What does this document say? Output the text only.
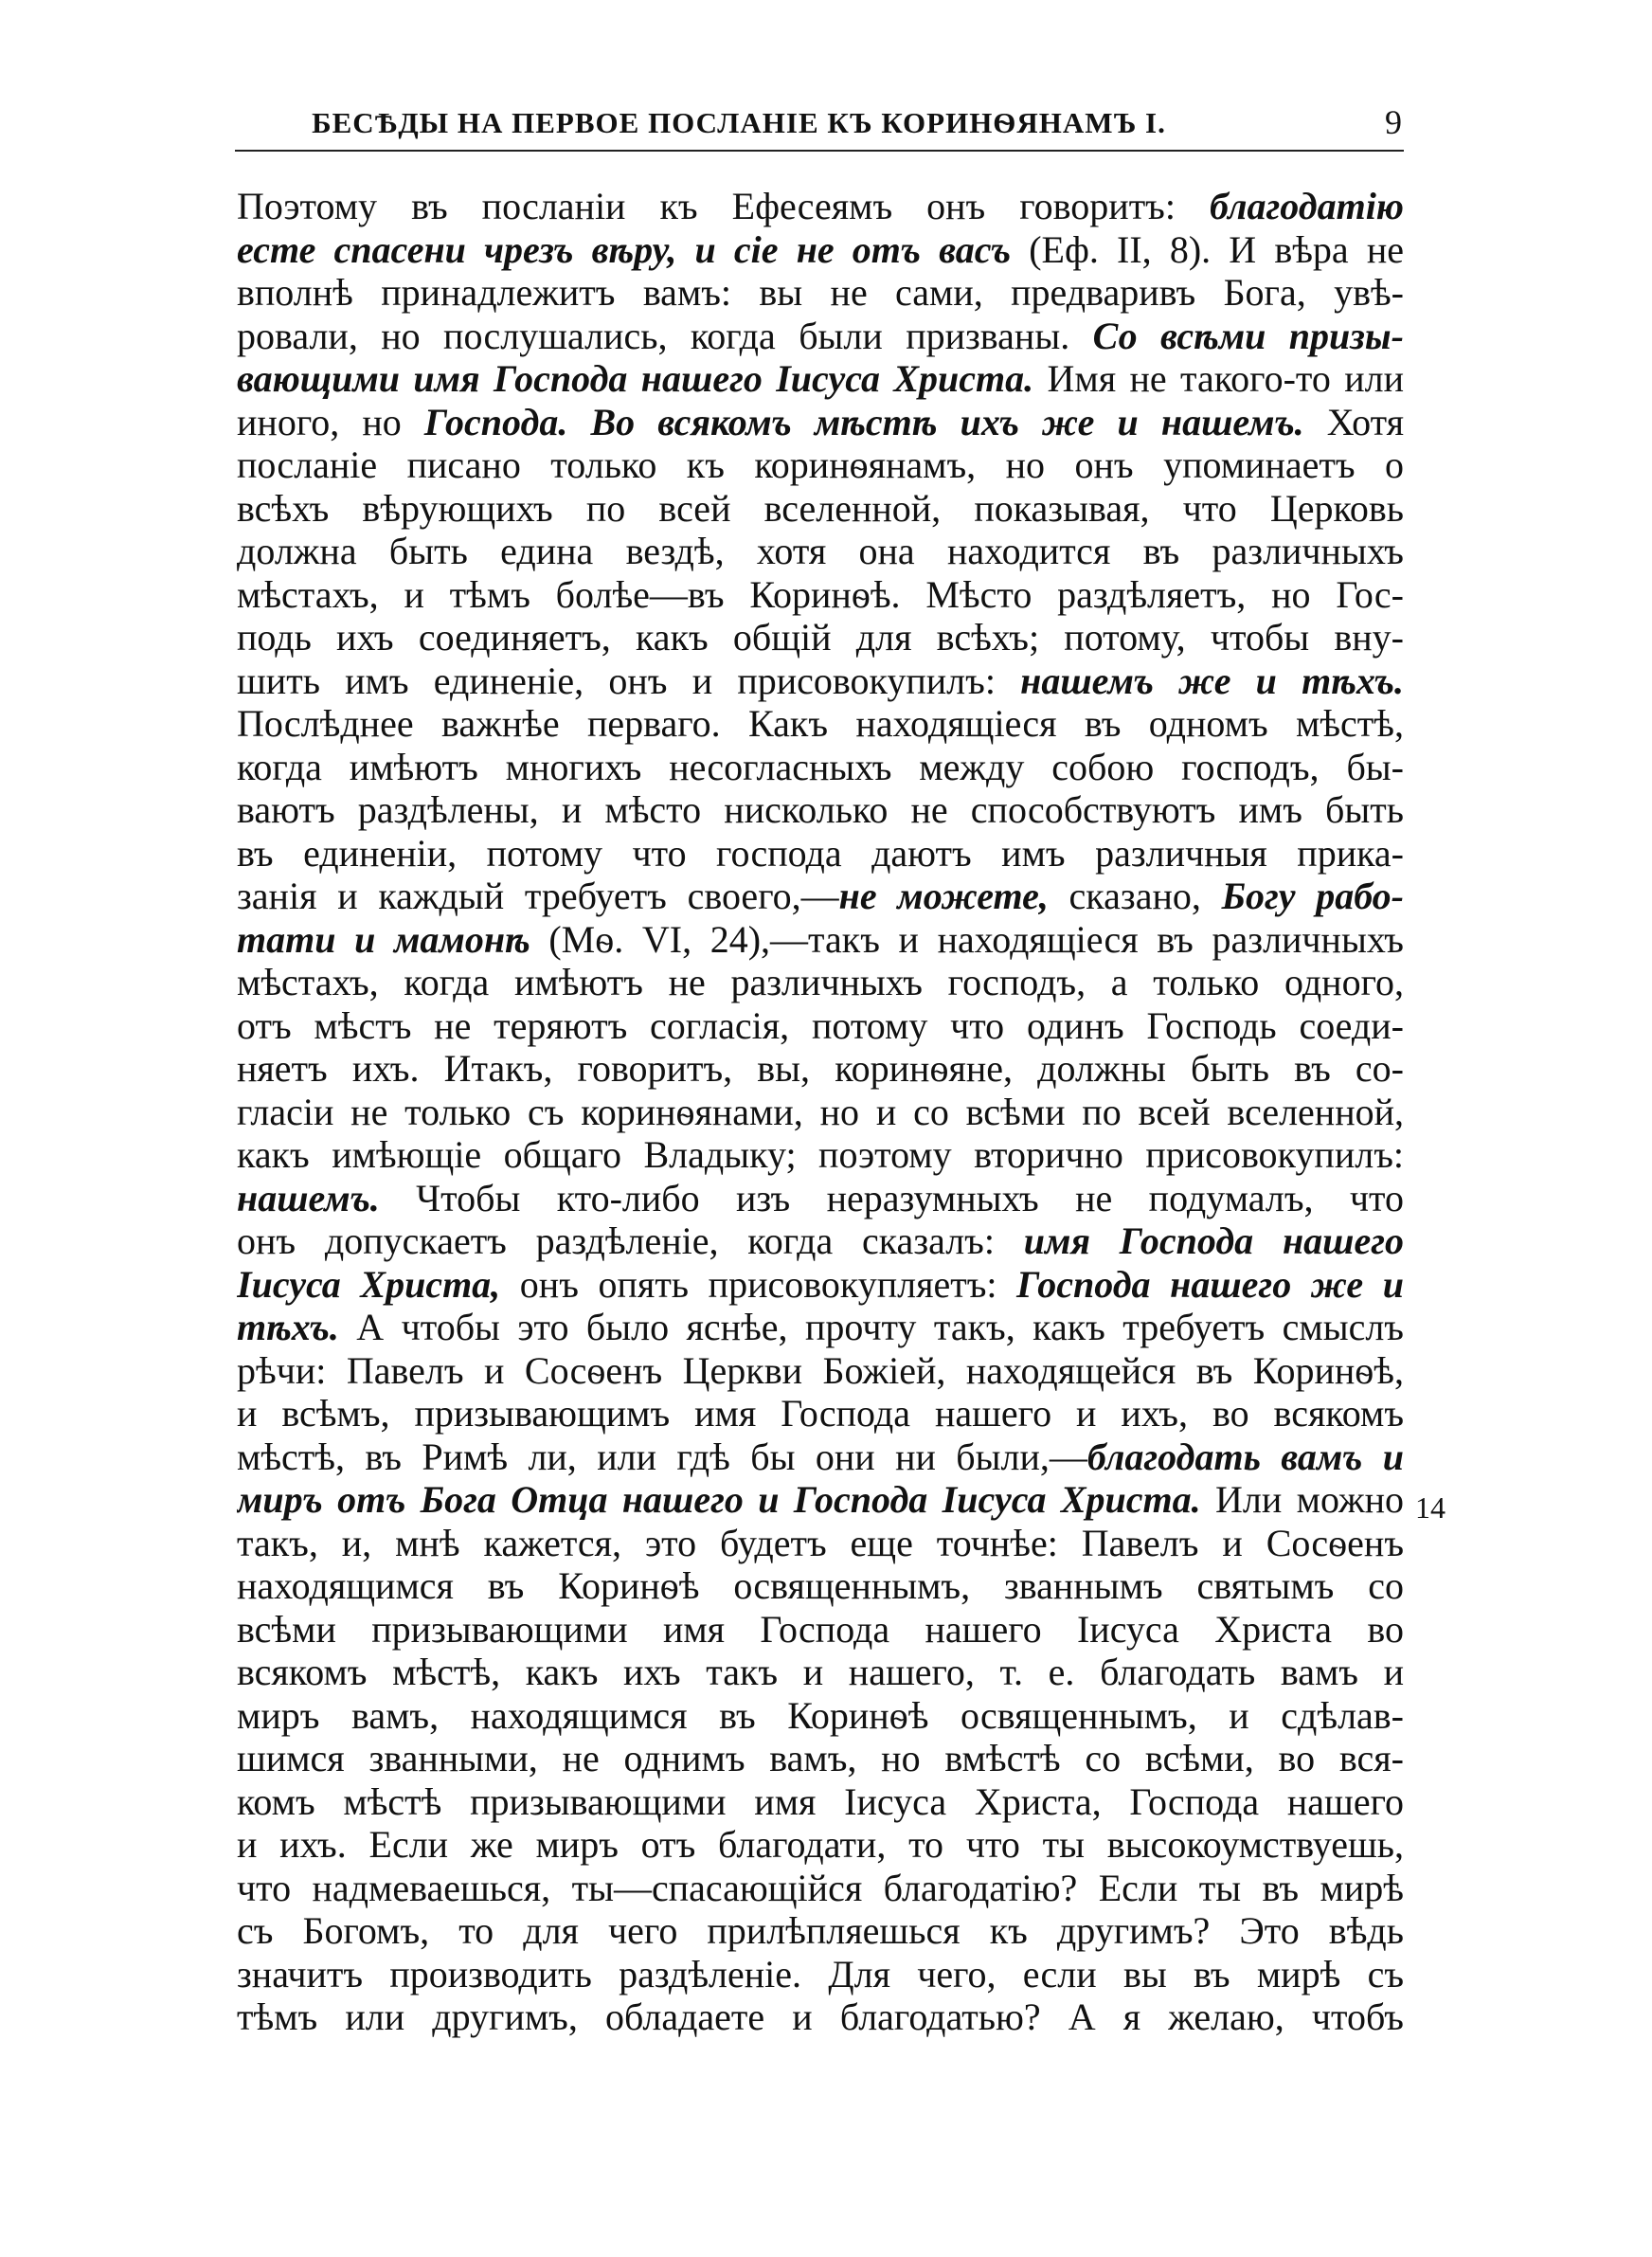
БЕСѢДЫ НА ПЕРВОЕ ПОСЛАНІЕ КЪ КОРИНѲЯНАМЪ I.	9
Поэтому въ посланіи къ Ефесеямъ онъ говоритъ: благодатію
есте спасени чрезъ вѣру, и сіе не отъ васъ (Еф. II, 8). И вѣра не
вполнѣ принадлежитъ вамъ: вы не сами, предваривъ Бога, увѣ-
ровали, но послушались, когда были призваны. Со всѣми призы-
вающими имя Господа нашего Іисуса Христа. Имя не такого-то или
иного, но Господа. Во всякомъ мѣстѣ ихъ же и нашемъ. Хотя
посланіе писано только къ коринѳянамъ, но онъ упоминаетъ о
всѣхъ вѣрующихъ по всей вселенной, показывая, что Церковь
должна быть едина вездѣ, хотя она находится въ различныхъ
мѣстахъ, и тѣмъ болѣе—въ Коринѳѣ. Мѣсто раздѣляетъ, но Гос-
подь ихъ соединяетъ, какъ общій для всѣхъ; потому, чтобы вну-
шить имъ единеніе, онъ и присовокупилъ: нашемъ же и тѣхъ.
Послѣднее важнѣе перваго. Какъ находящіеся въ одномъ мѣстѣ,
когда имѣютъ многихъ несогласныхъ между собою господъ, бы-
ваютъ раздѣлены, и мѣсто нисколько не способствуютъ имъ быть
въ единеніи, потому что господа даютъ имъ различныя прика-
занія и каждый требуетъ своего,—не можете, сказано, Богу рабо-
тати и мамонѣ (Мѳ. VI, 24),—такъ и находящіеся въ различныхъ
мѣстахъ, когда имѣютъ не различныхъ господъ, а только одного,
отъ мѣстъ не теряютъ согласія, потому что одинъ Господь соеди-
няетъ ихъ. Итакъ, говоритъ, вы, коринѳяне, должны быть въ со-
гласіи не только съ коринѳянами, но и со всѣми по всей вселенной,
какъ имѣющіе общаго Владыку; поэтому вторично присовокупилъ:
нашемъ. Чтобы кто-либо изъ неразумныхъ не подумалъ, что
онъ допускаетъ раздѣленіе, когда сказалъ: имя Господа нашего
Іисуса Христа, онъ опять присовокупляетъ: Господа нашего же и
тѣхъ. А чтобы это было яснѣе, прочту такъ, какъ требуетъ смыслъ
рѣчи: Павелъ и Сосѳенъ Церкви Божіей, находящейся въ Коринѳѣ,
и всѣмъ, призывающимъ имя Господа нашего и ихъ, во всякомъ
мѣстѣ, въ Римѣ ли, или гдѣ бы они ни были,—благодать вамъ и
миръ отъ Бога Отца нашего и Господа Іисуса Христа. Или можно
такъ, и, мнѣ кажется, это будетъ еще точнѣе: Павелъ и Сосѳенъ
находящимся въ Коринѳѣ освященнымъ, званнымъ святымъ со
всѣми призывающими имя Господа нашего Іисуса Христа во
всякомъ мѣстѣ, какъ ихъ такъ и нашего, т. е. благодать вамъ и
миръ вамъ, находящимся въ Коринѳѣ освященнымъ, и сдѣлав-
шимся званными, не однимъ вамъ, но вмѣстѣ со всѣми, во вся-
комъ мѣстѣ призывающими имя Іисуса Христа, Господа нашего
и ихъ. Если же миръ отъ благодати, то что ты высокоумствуешь,
что надмеваешься, ты—спасающійся благодатію? Если ты въ мирѣ
съ Богомъ, то для чего прилѣпляешься къ другимъ? Это вѣдь
значитъ производить раздѣленіе. Для чего, если вы въ мирѣ съ
тѣмъ или другимъ, обладаете и благодатью? А я желаю, чтобъ
14
